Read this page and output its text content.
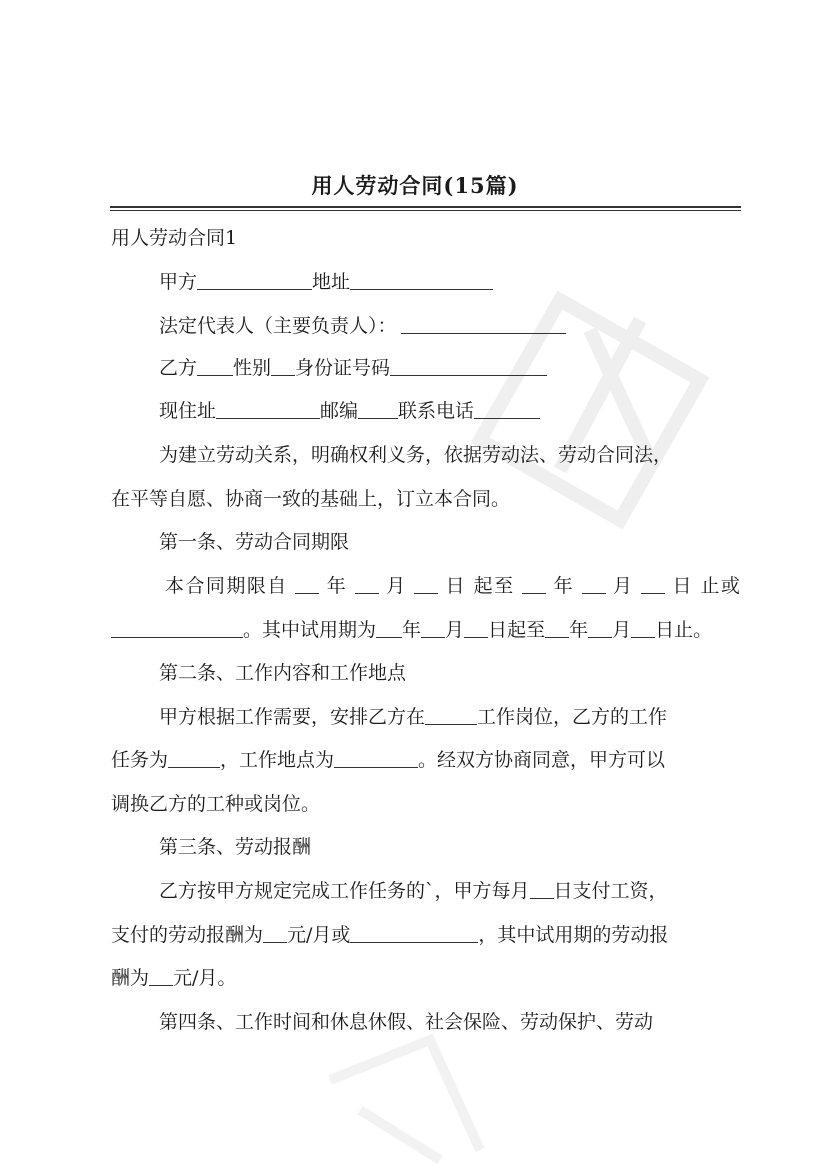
用人劳动合同(15篇)
用人劳动合同1
甲方	地址
法定代表人（主要负责人）：
乙方 性别 身份证号码
现住址	邮编 联系电话
为建立劳动关系，明确权利义务，依据劳动法、劳动合同法，
在平等自愿、协商一致的基础上，订立本合同。
第一条、劳动合同期限
本合同期限自 年 月 日 起至 年 月 日 止或
。其中试用期为 年 月 日起至 年 月 日止。
第二条、工作内容和工作地点
甲方根据工作需要，安排乙方在	工作岗位，乙方的工作
任务为	，工作地点为	。经双方协商同意，甲方可以
调换乙方的工种或岗位。
第三条、劳动报酬
乙方按甲方规定完成工作任务的`，甲方每月 日支付工资，
支付的劳动报酬为 元/月或	，其中试用期的劳动报
酬为 元/月。
第四条、工作时间和休息休假、社会保险、劳动保护、劳动
